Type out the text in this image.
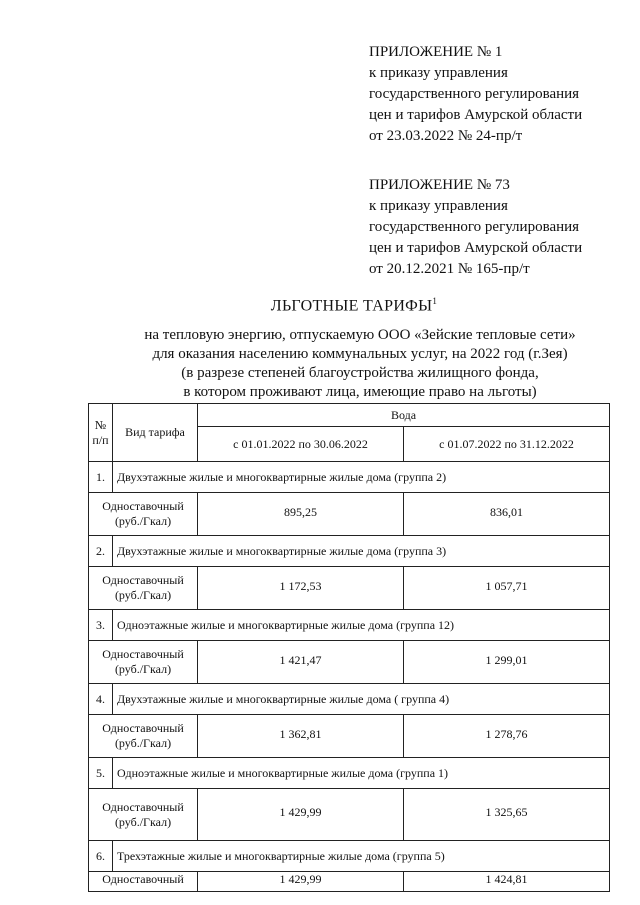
ПРИЛОЖЕНИЕ № 1
к приказу управления
государственного регулирования
цен и тарифов Амурской области
от 23.03.2022 № 24-пр/т
ПРИЛОЖЕНИЕ № 73
к приказу управления
государственного регулирования
цен и тарифов Амурской области
от 20.12.2021 № 165-пр/т
ЛЬГОТНЫЕ ТАРИФЫ$^1$
на тепловую энергию, отпускаемую ООО «Зейские тепловые сети»
для оказания населению коммунальных услуг, на 2022 год (г.Зея)
(в разрезе степеней благоустройства жилищного фонда,
в котором проживают лица, имеющие право на льготы)
№ п/п	Вид тарифа	Вода	
		с 01.01.2022 по 30.06.2022	с 01.07.2022 по 31.12.2022
1.	Двухэтажные жилые и многоквартирные жилые дома (группа 2)		

Одноставочный
(руб./Гкал)		895,25	836,01
2.	Двухэтажные жилые и многоквартирные жилые дома (группа 3)		

Одноставочный
(руб./Гкал)		1 172,53	1 057,71
3.	Одноэтажные жилые и многоквартирные жилые дома (группа 12)		

Одноставочный
(руб./Гкал)		1 421,47	1 299,01
4.	Двухэтажные жилые и многоквартирные жилые дома ( группа 4)		

Одноставочный
(руб./Гкал)		1 362,81	1 278,76
5.	Одноэтажные жилые и многоквартирные жилые дома (группа 1)		

Одноставочный
(руб./Гкал)		1 429,99	1 325,65
6.	Трехэтажные жилые и многоквартирные жилые дома (группа 5)		

Одноставочный		1 429,99	1 424,81
